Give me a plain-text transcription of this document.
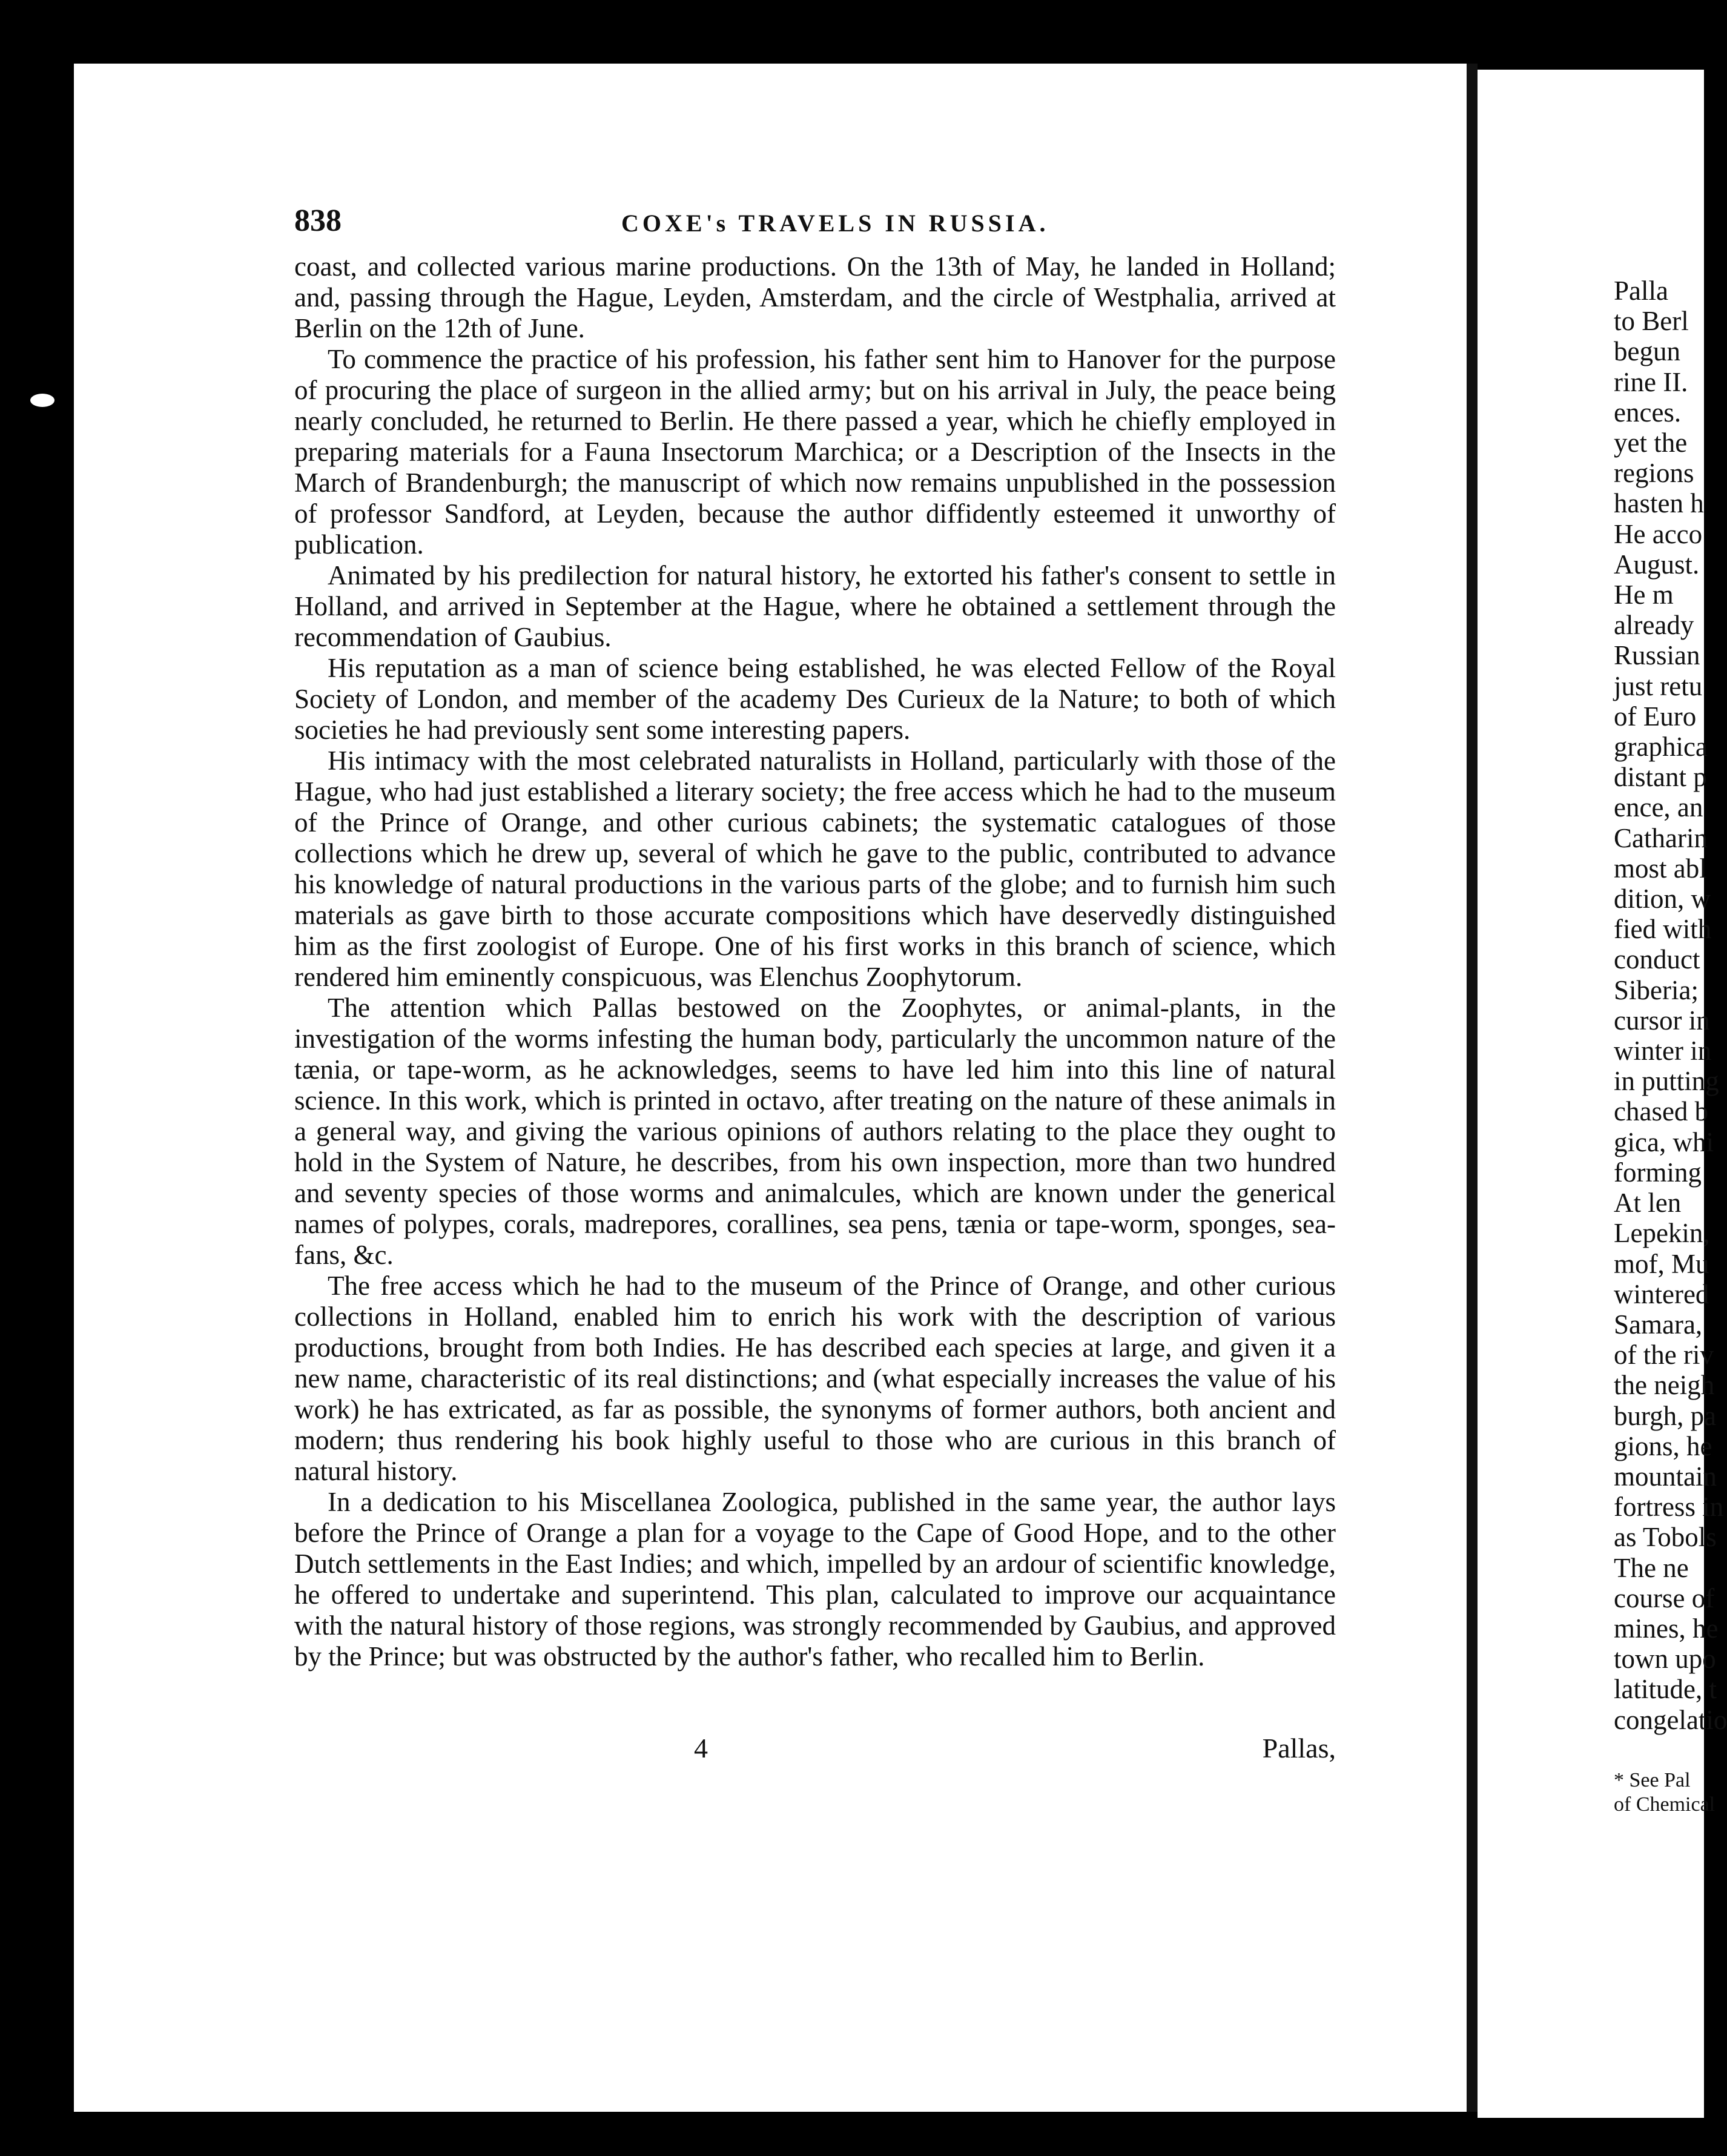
838	COXE's TRAVELS IN RUSSIA.

coast, and collected various marine productions. On the 13th of May, he landed in Holland; and, passing through the Hague, Leyden, Amsterdam, and the circle of Westphalia, arrived at Berlin on the 12th of June.

To commence the practice of his profession, his father sent him to Hanover for the purpose of procuring the place of surgeon in the allied army; but on his arrival in July, the peace being nearly concluded, he returned to Berlin. He there passed a year, which he chiefly employed in preparing materials for a Fauna Insectorum Marchica; or a Description of the Insects in the March of Brandenburgh; the manuscript of which now remains unpublished in the possession of professor Sandford, at Leyden, because the author diffidently esteemed it unworthy of publication.

Animated by his predilection for natural history, he extorted his father's consent to settle in Holland, and arrived in September at the Hague, where he obtained a settlement through the recommendation of Gaubius.

His reputation as a man of science being established, he was elected Fellow of the Royal Society of London, and member of the academy Des Curieux de la Nature; to both of which societies he had previously sent some interesting papers.

His intimacy with the most celebrated naturalists in Holland, particularly with those of the Hague, who had just established a literary society; the free access which he had to the museum of the Prince of Orange, and other curious cabinets; the systematic catalogues of those collections which he drew up, several of which he gave to the public, contributed to advance his knowledge of natural productions in the various parts of the globe; and to furnish him such materials as gave birth to those accurate compositions which have deservedly distinguished him as the first zoologist of Europe. One of his first works in this branch of science, which rendered him eminently conspicuous, was Elenchus Zoophytorum.

The attention which Pallas bestowed on the Zoophytes, or animal-plants, in the investigation of the worms infesting the human body, particularly the uncommon nature of the tænia, or tape-worm, as he acknowledges, seems to have led him into this line of natural science. In this work, which is printed in octavo, after treating on the nature of these animals in a general way, and giving the various opinions of authors relating to the place they ought to hold in the System of Nature, he describes, from his own inspection, more than two hundred and seventy species of those worms and animalcules, which are known under the generical names of polypes, corals, madrepores, corallines, sea pens, tænia or tape-worm, sponges, sea-fans, &c.

The free access which he had to the museum of the Prince of Orange, and other curious collections in Holland, enabled him to enrich his work with the description of various productions, brought from both Indies. He has described each species at large, and given it a new name, characteristic of its real distinctions; and (what especially increases the value of his work) he has extricated, as far as possible, the synonyms of former authors, both ancient and modern; thus rendering his book highly useful to those who are curious in this branch of natural history.

In a dedication to his Miscellanea Zoologica, published in the same year, the author lays before the Prince of Orange a plan for a voyage to the Cape of Good Hope, and to the other Dutch settlements in the East Indies; and which, impelled by an ardour of scientific knowledge, he offered to undertake and superintend. This plan, calculated to improve our acquaintance with the natural history of those regions, was strongly recommended by Gaubius, and approved by the Prince; but was obstructed by the author's father, who recalled him to Berlin.

4	Pallas,
Palla
to Berl
begun
rine II.
ences.
yet the
regions
hasten h
He acco
August.
He m
already
Russian
just retu
of Euro
graphica
distant p
ence, an
Catharin
most abl
dition, w
fied with
conduct
Siberia;
cursor in
winter in
in putting
chased b
gica, whi
forming
At len
Lepekin,
mof, Mu
wintered
Samara,
of the riv
the neigh
burgh, pa
gions, he
mountain
fortress in
as Tobols
The ne
course of
mines, he
town upo
latitude, t
congelatio
* See Pal
of Chemical
